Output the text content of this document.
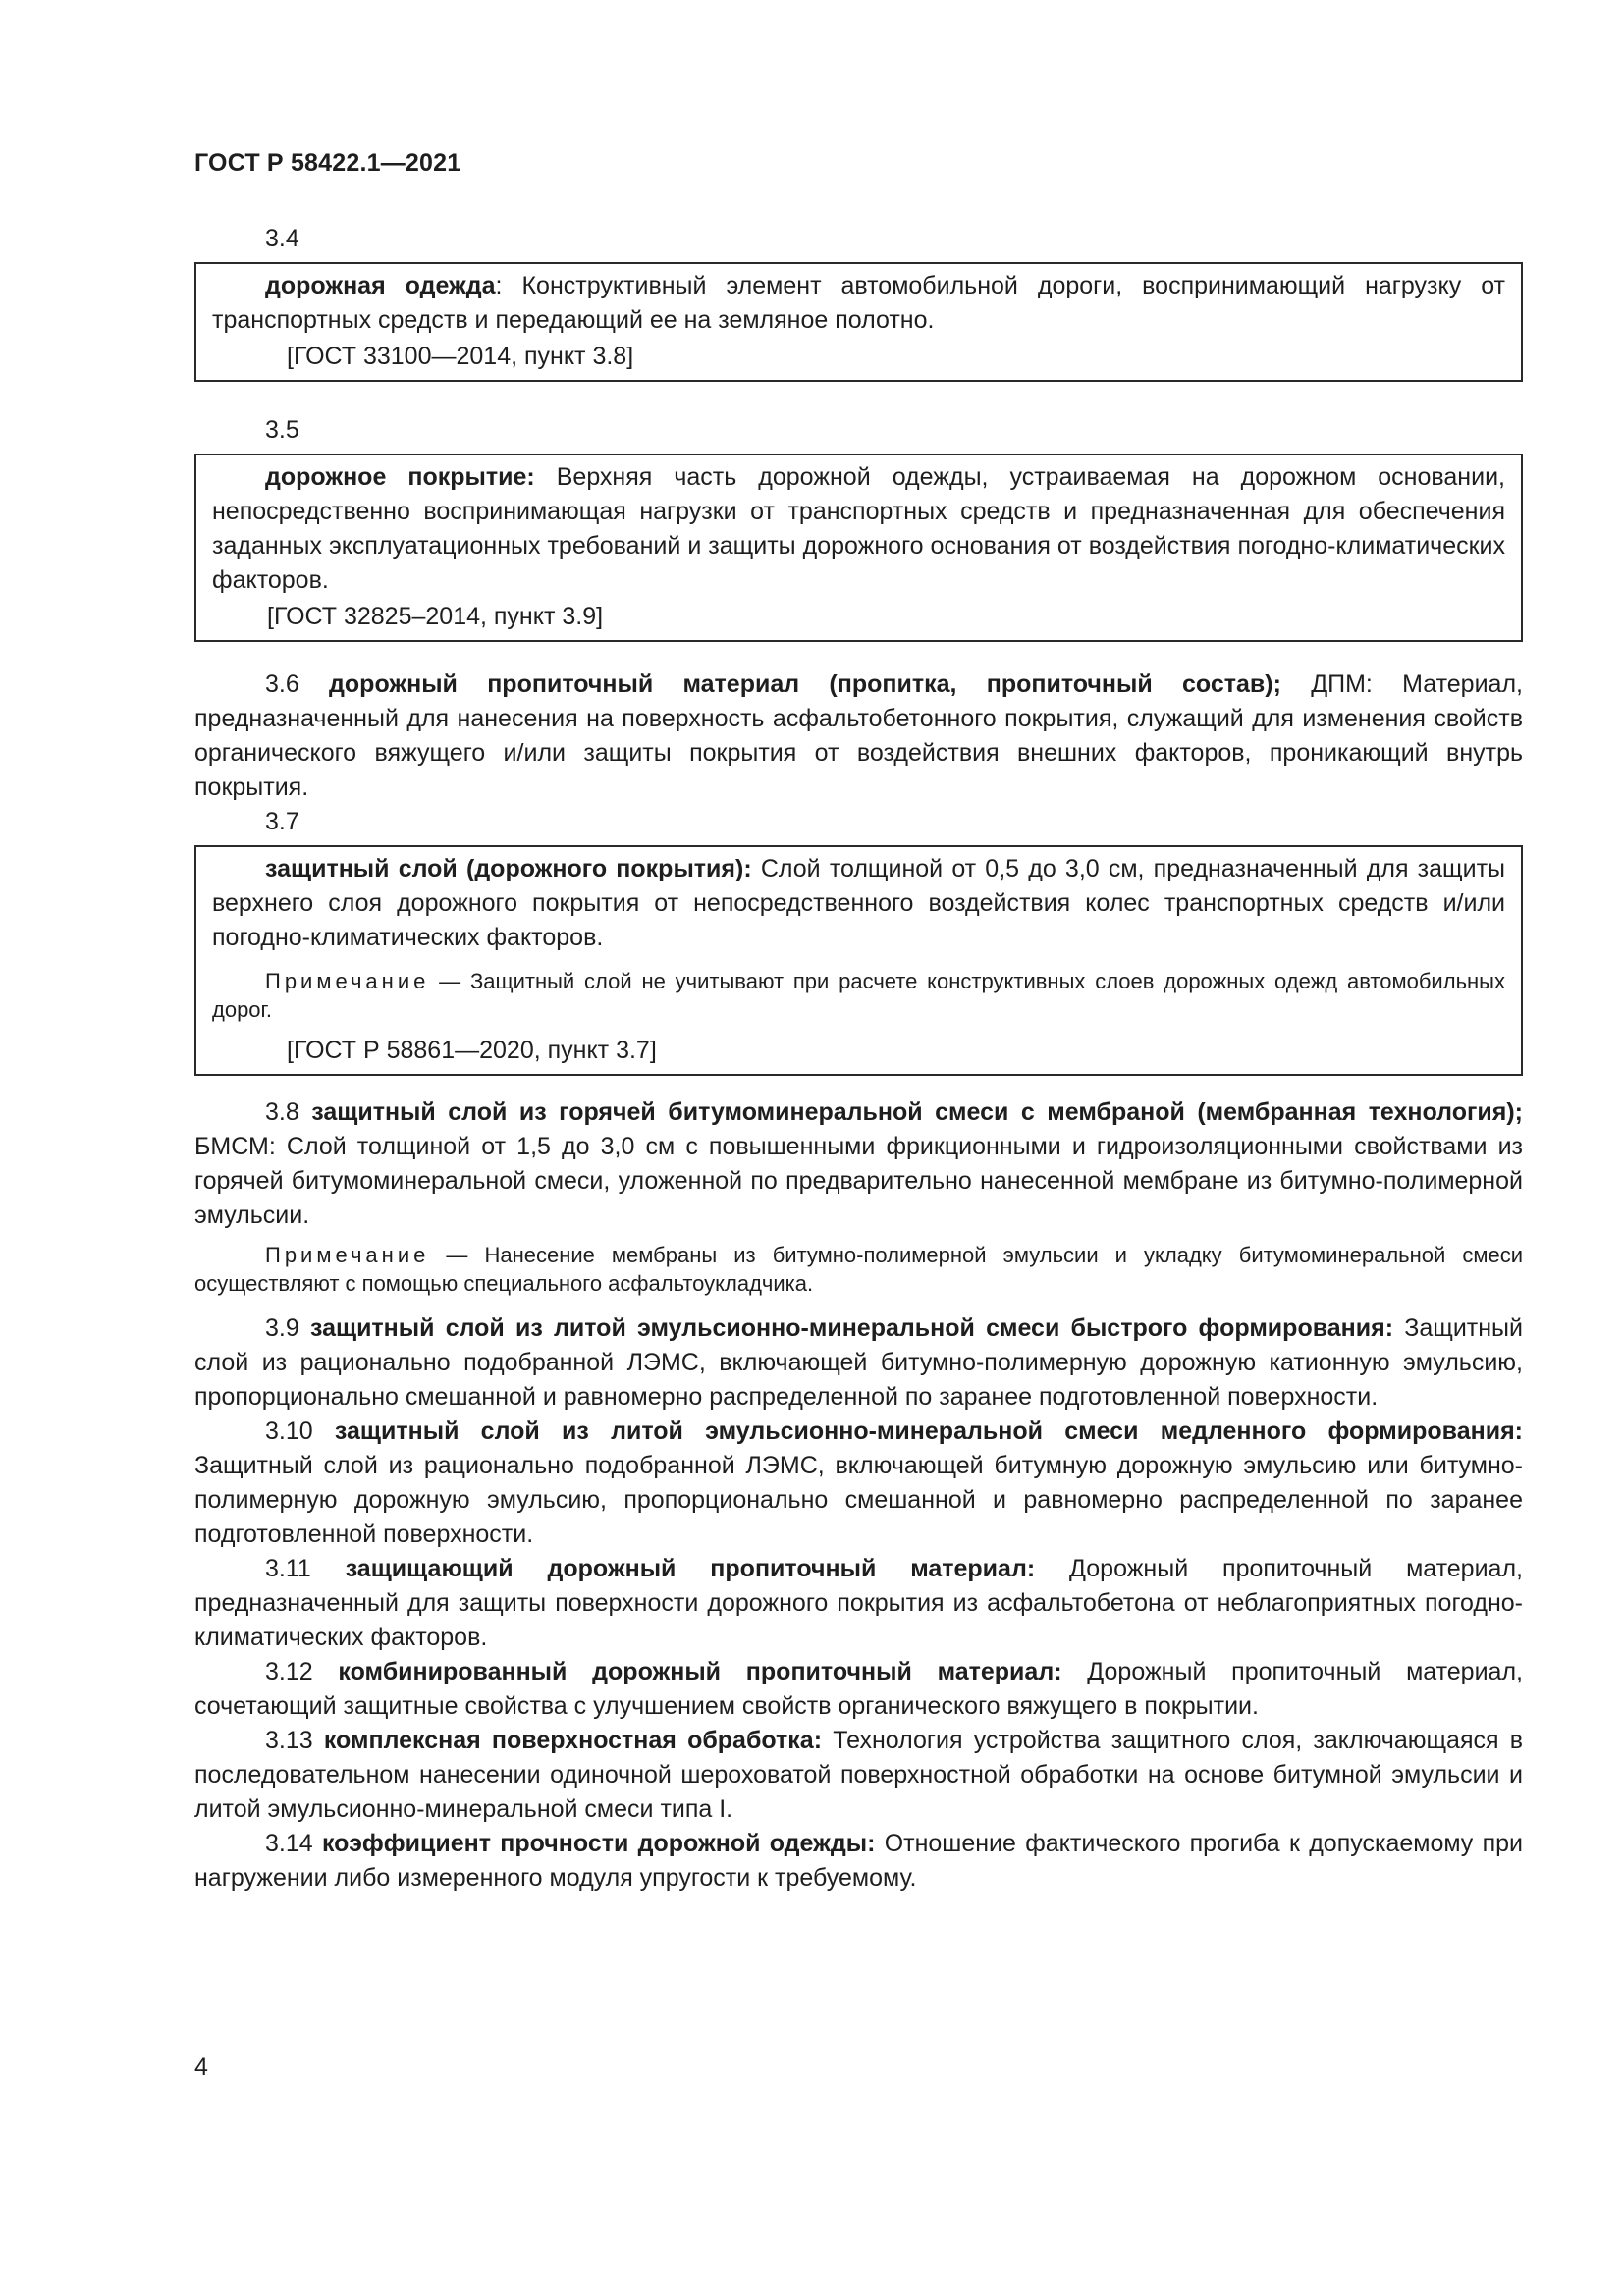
ГОСТ Р 58422.1—2021

3.4

дорожная одежда: Конструктивный элемент автомобильной дороги, воспринимающий нагрузку от транспортных средств и передающий ее на земляное полотно.

[ГОСТ 33100—2014, пункт 3.8]

3.5

дорожное покрытие: Верхняя часть дорожной одежды, устраиваемая на дорожном основании, непосредственно воспринимающая нагрузки от транспортных средств и предназначенная для обеспечения заданных эксплуатационных требований и защиты дорожного основания от воздействия погодно-климатических факторов.

[ГОСТ 32825–2014, пункт 3.9]

3.6 дорожный пропиточный материал (пропитка, пропиточный состав); ДПМ: Материал, предназначенный для нанесения на поверхность асфальтобетонного покрытия, служащий для изменения свойств органического вяжущего и/или защиты покрытия от воздействия внешних факторов, проникающий внутрь покрытия.

3.7

защитный слой (дорожного покрытия): Слой толщиной от 0,5 до 3,0 см, предназначенный для защиты верхнего слоя дорожного покрытия от непосредственного воздействия колес транспортных средств и/или погодно-климатических факторов.

Примечание — Защитный слой не учитывают при расчете конструктивных слоев дорожных одежд автомобильных дорог.

[ГОСТ Р 58861—2020, пункт 3.7]

3.8 защитный слой из горячей битумоминеральной смеси с мембраной (мембранная технология); БМСМ: Слой толщиной от 1,5 до 3,0 см с повышенными фрикционными и гидроизоляционными свойствами из горячей битумоминеральной смеси, уложенной по предварительно нанесенной мембране из битумно-полимерной эмульсии.

Примечание — Нанесение мембраны из битумно-полимерной эмульсии и укладку битумоминеральной смеси осуществляют с помощью специального асфальтоукладчика.

3.9 защитный слой из литой эмульсионно-минеральной смеси быстрого формирования: Защитный слой из рационально подобранной ЛЭМС, включающей битумно-полимерную дорожную катионную эмульсию, пропорционально смешанной и равномерно распределенной по заранее подготовленной поверхности.

3.10 защитный слой из литой эмульсионно-минеральной смеси медленного формирования: Защитный слой из рационально подобранной ЛЭМС, включающей битумную дорожную эмульсию или битумно-полимерную дорожную эмульсию, пропорционально смешанной и равномерно распределенной по заранее подготовленной поверхности.

3.11 защищающий дорожный пропиточный материал: Дорожный пропиточный материал, предназначенный для защиты поверхности дорожного покрытия из асфальтобетона от неблагоприятных погодно-климатических факторов.

3.12 комбинированный дорожный пропиточный материал: Дорожный пропиточный материал, сочетающий защитные свойства с улучшением свойств органического вяжущего в покрытии.

3.13 комплексная поверхностная обработка: Технология устройства защитного слоя, заключающаяся в последовательном нанесении одиночной шероховатой поверхностной обработки на основе битумной эмульсии и литой эмульсионно-минеральной смеси типа I.

3.14 коэффициент прочности дорожной одежды: Отношение фактического прогиба к допускаемому при нагружении либо измеренного модуля упругости к требуемому.

4
